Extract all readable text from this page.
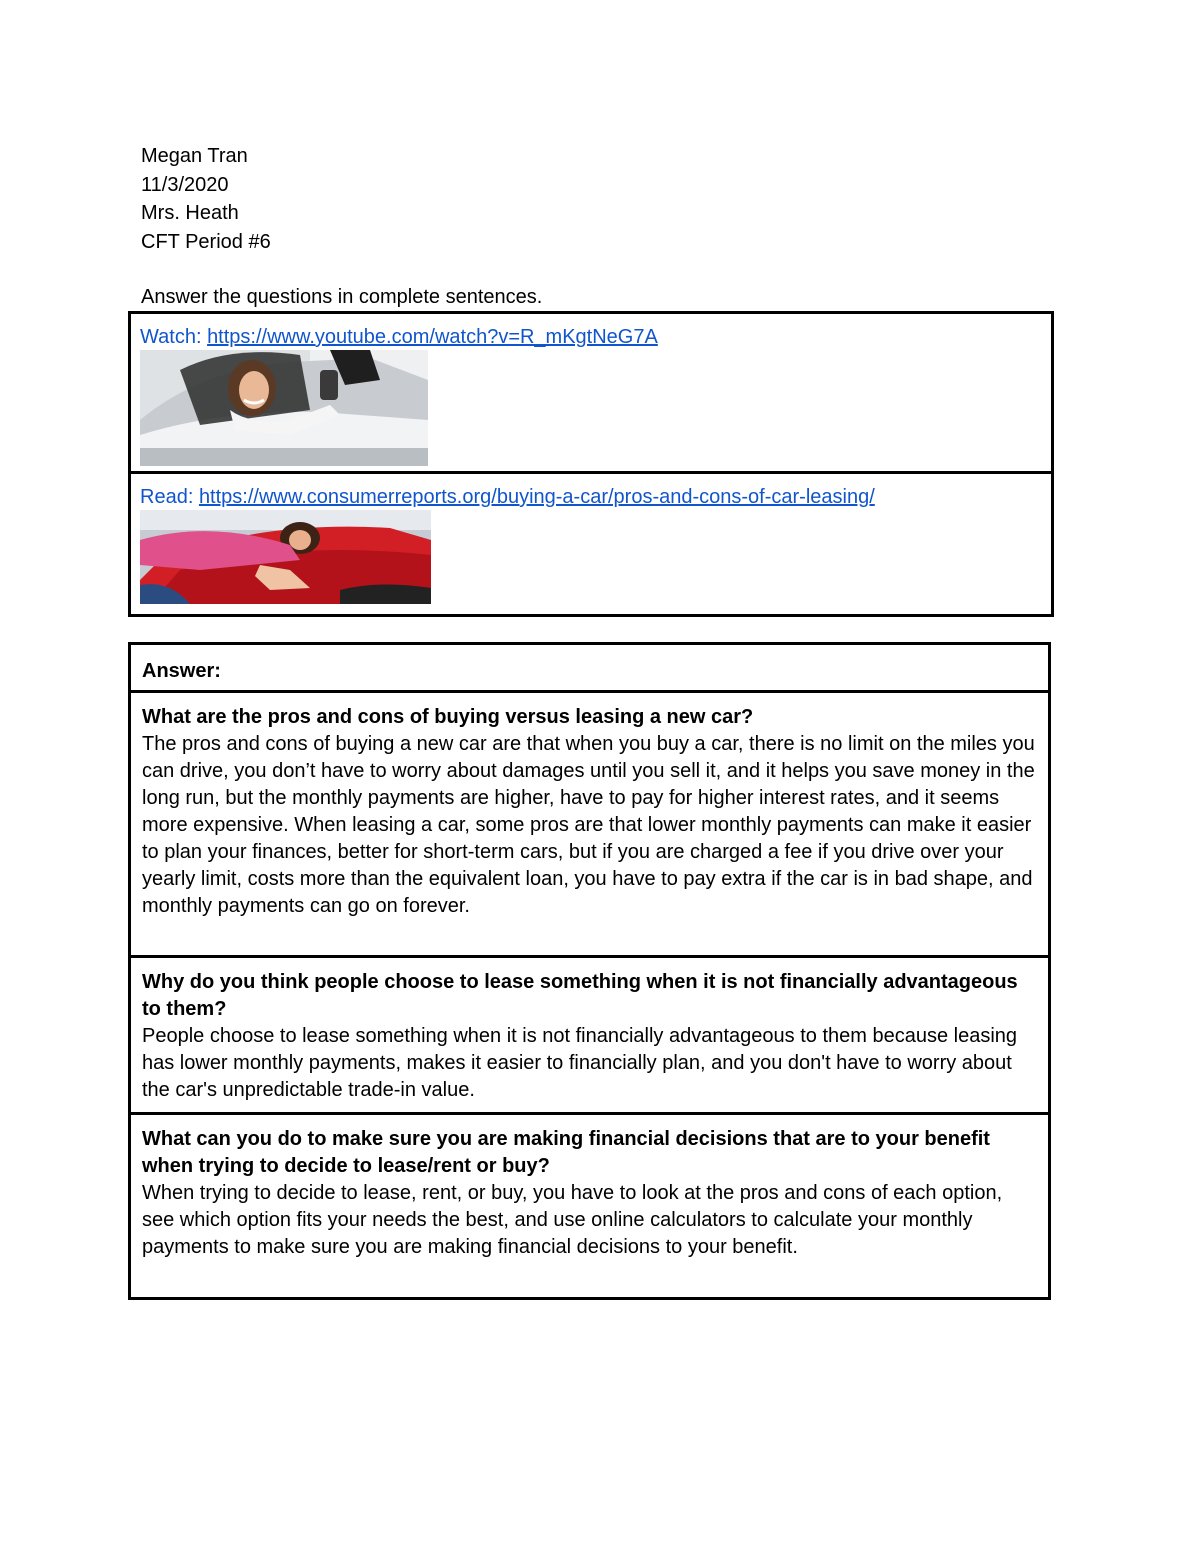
Megan Tran
11/3/2020
Mrs. Heath
CFT Period #6
Answer the questions in complete sentences.
Watch: https://www.youtube.com/watch?v=R_mKgtNeG7A
Read: https://www.consumerreports.org/buying-a-car/pros-and-cons-of-car-leasing/
Answer:
What are the pros and cons of buying versus leasing a new car?
The pros and cons of buying a new car are that when you buy a car, there is no limit on the miles you can drive, you don’t have to worry about damages until you sell it, and it helps you save money in the long run, but the monthly payments are higher, have to pay for higher interest rates, and it seems more expensive. When leasing a car, some pros are that lower monthly payments can make it easier to plan your finances, better for short-term cars, but if you are charged a fee if you drive over your yearly limit, costs more than the equivalent loan, you have to pay extra if the car is in bad shape, and monthly payments can go on forever.
Why do you think people choose to lease something when it is not financially advantageous to them?
People choose to lease something when it is not financially advantageous to them because leasing has lower monthly payments, makes it easier to financially plan, and you don't have to worry about the car's unpredictable trade-in value.
What can you do to make sure you are making financial decisions that are to your benefit when trying to decide to lease/rent or buy?
When trying to decide to lease, rent, or buy, you have to look at the pros and cons of each option, see which option fits your needs the best, and use online calculators to calculate your monthly payments to make sure you are making financial decisions to your benefit.
